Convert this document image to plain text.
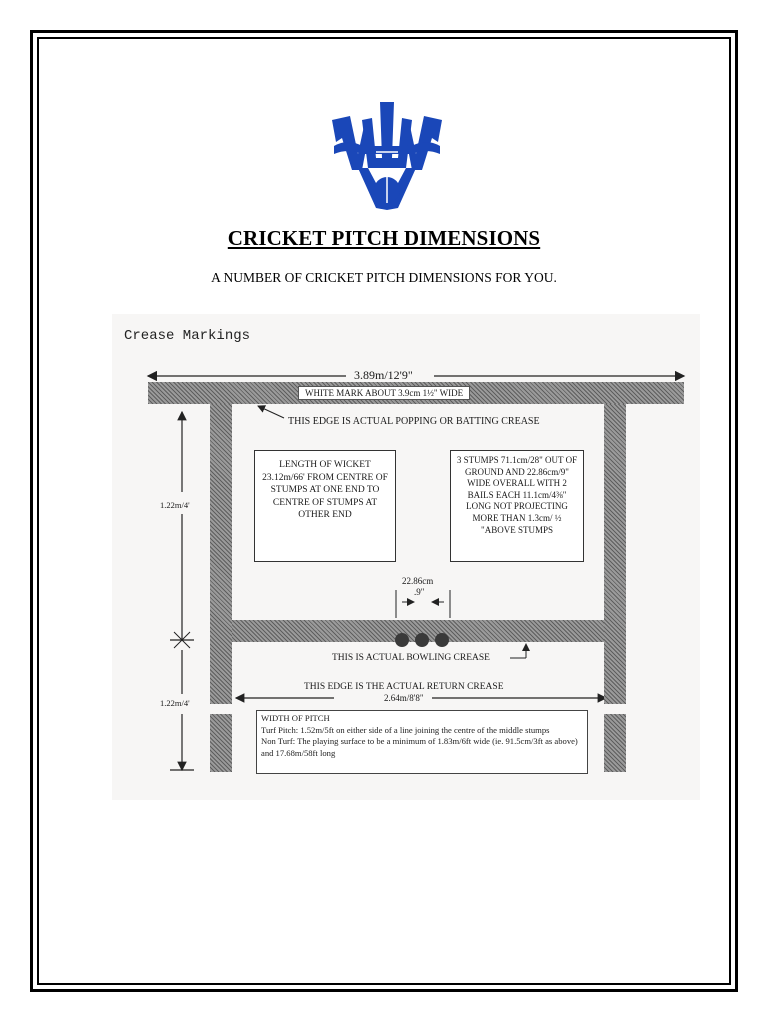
CRICKET PITCH DIMENSIONS
A NUMBER OF CRICKET PITCH DIMENSIONS FOR YOU.
Crease Markings
3.89m/12'9"
WHITE MARK ABOUT 3.9cm 1½" WIDE
THIS EDGE IS ACTUAL POPPING OR BATTING CREASE
1.22m/4'
LENGTH OF WICKET 23.12m/66' FROM CENTRE OF STUMPS AT ONE END TO CENTRE OF STUMPS AT OTHER END
3 STUMPS 71.1cm/28" OUT OF GROUND AND 22.86cm/9" WIDE OVERALL WITH 2 BAILS EACH 11.1cm/4⅜" LONG NOT PROJECTING MORE THAN 1.3cm/ ½ "ABOVE STUMPS
22.86cm
.9"
THIS IS ACTUAL BOWLING CREASE
THIS EDGE IS THE ACTUAL RETURN CREASE
2.64m/8'8"
1.22m/4'
WIDTH OF PITCH
Turf Pitch: 1.52m/5ft on either side of a line joining the centre of the middle stumps
Non Turf: The playing surface to be a minimum of 1.83m/6ft wide (ie. 91.5cm/3ft as above) and 17.68m/58ft long
